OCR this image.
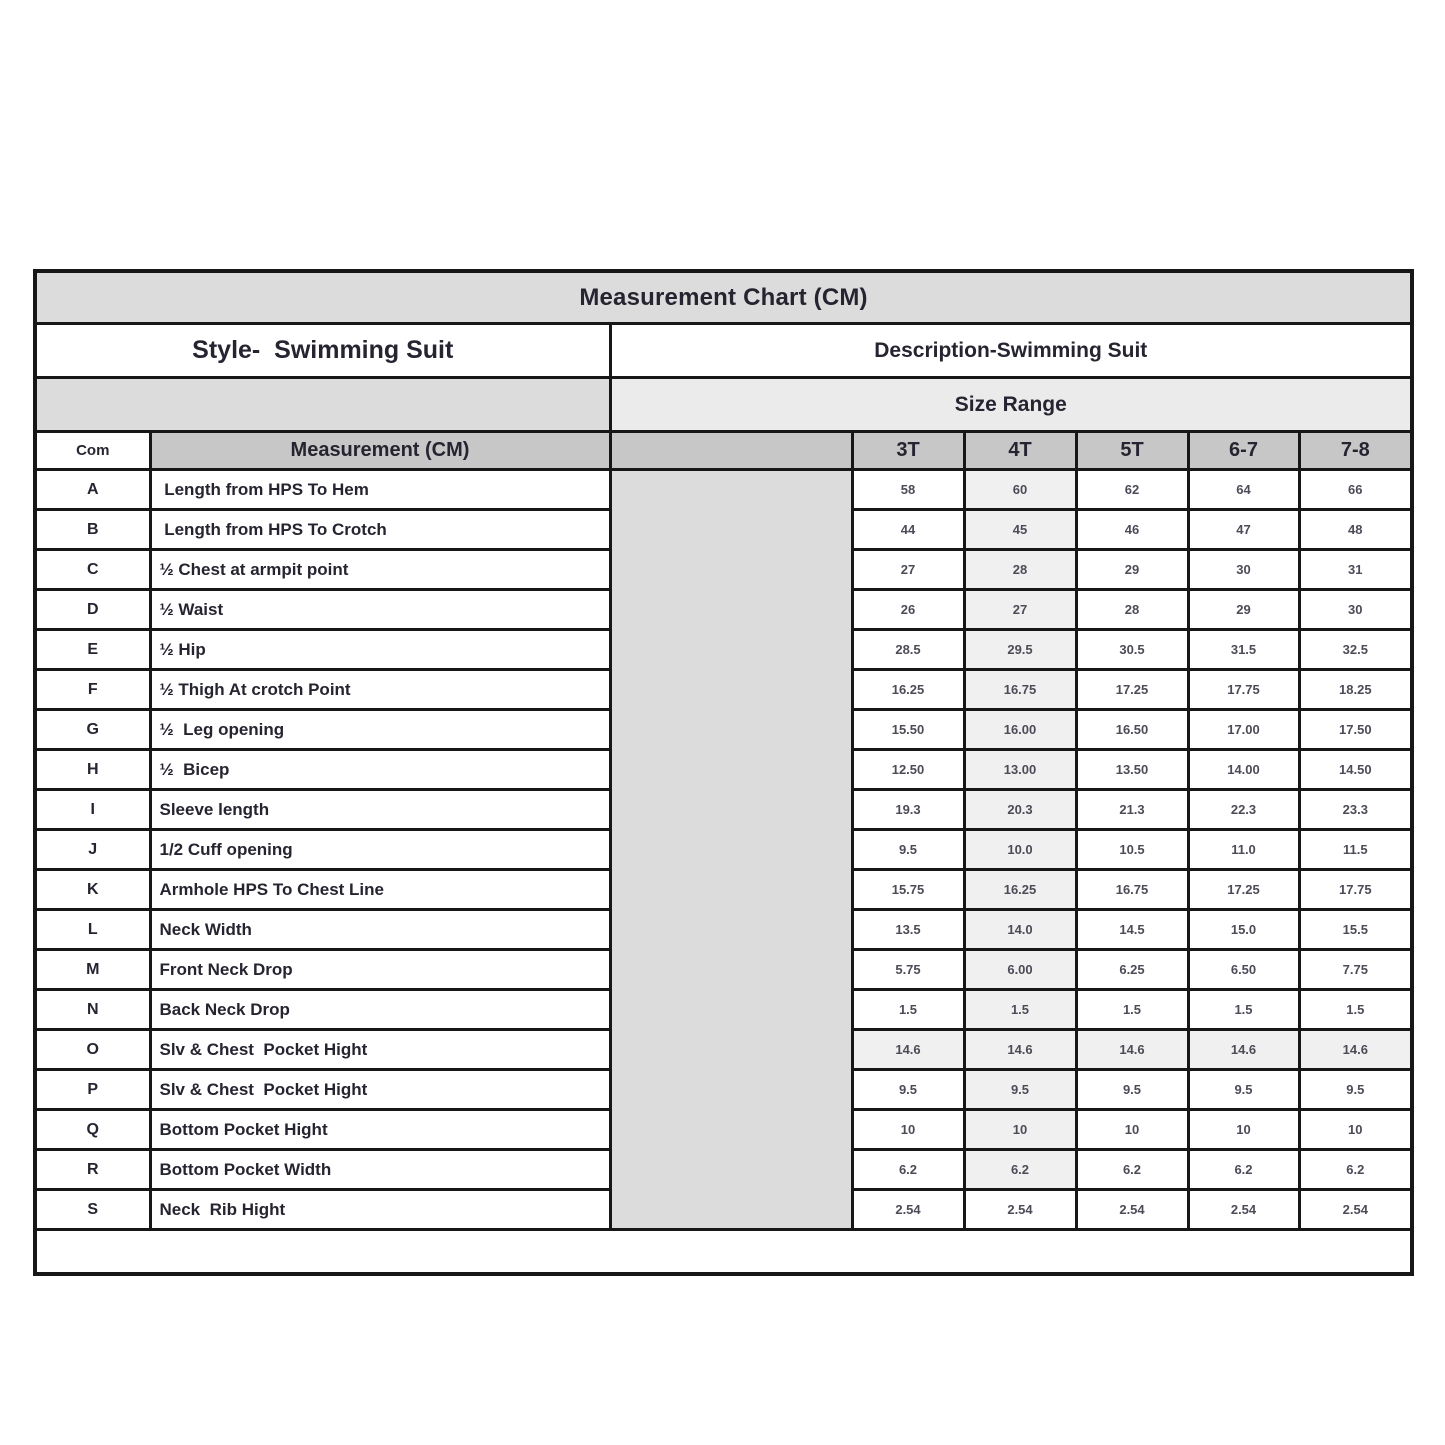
Measurement Chart (CM)							
Style-  Swimming Suit		Description-Swimming Suit					
		Size Range					
Com	Measurement (CM)		3T	4T	5T	6-7	7-8
A	Length from HPS To Hem		58	60	62	64	66
B	Length from HPS To Crotch		44	45	46	47	48
C	½ Chest at armpit point		27	28	29	30	31
D	½ Waist		26	27	28	29	30
E	½ Hip		28.5	29.5	30.5	31.5	32.5
F	½ Thigh At crotch Point		16.25	16.75	17.25	17.75	18.25
G	½  Leg opening		15.50	16.00	16.50	17.00	17.50
H	½  Bicep		12.50	13.00	13.50	14.00	14.50
I	Sleeve length		19.3	20.3	21.3	22.3	23.3
J	1/2 Cuff opening		9.5	10.0	10.5	11.0	11.5
K	Armhole HPS To Chest Line		15.75	16.25	16.75	17.25	17.75
L	Neck Width		13.5	14.0	14.5	15.0	15.5
M	Front Neck Drop		5.75	6.00	6.25	6.50	7.75
N	Back Neck Drop		1.5	1.5	1.5	1.5	1.5
O	Slv & Chest  Pocket Hight		14.6	14.6	14.6	14.6	14.6
P	Slv & Chest  Pocket Hight		9.5	9.5	9.5	9.5	9.5
Q	Bottom Pocket Hight		10	10	10	10	10
R	Bottom Pocket Width		6.2	6.2	6.2	6.2	6.2
S	Neck  Rib Hight		2.54	2.54	2.54	2.54	2.54
